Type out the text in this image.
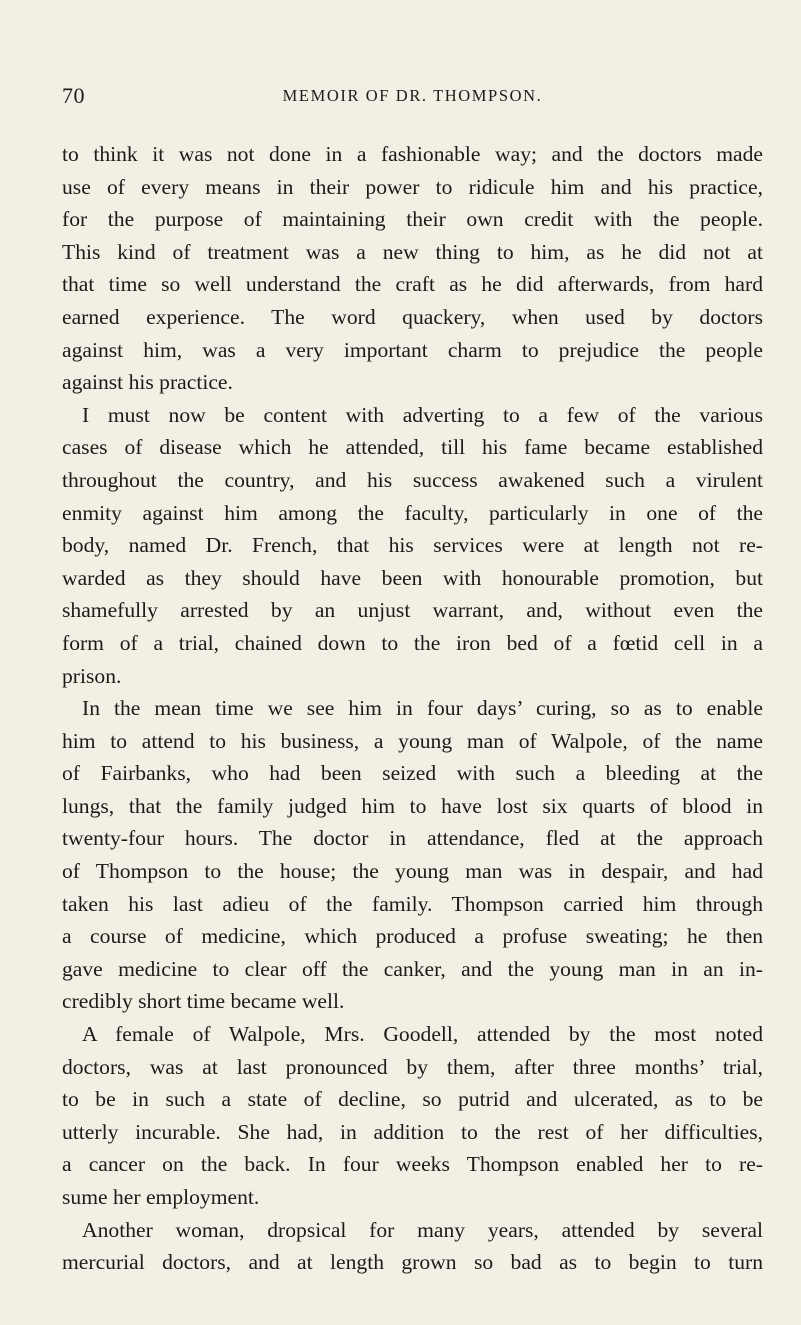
70	MEMOIR OF DR. THOMPSON.
to think it was not done in a fashionable way; and the doctors made
use of every means in their power to ridicule him and his practice,
for the purpose of maintaining their own credit with the people.
This kind of treatment was a new thing to him, as he did not at
that time so well understand the craft as he did afterwards, from hard
earned experience. The word quackery, when used by doctors
against him, was a very important charm to prejudice the people
against his practice.
I must now be content with adverting to a few of the various
cases of disease which he attended, till his fame became established
throughout the country, and his success awakened such a virulent
enmity against him among the faculty, particularly in one of the
body, named Dr. French, that his services were at length not re-
warded as they should have been with honourable promotion, but
shamefully arrested by an unjust warrant, and, without even the
form of a trial, chained down to the iron bed of a fœtid cell in a
prison.
In the mean time we see him in four days’ curing, so as to enable
him to attend to his business, a young man of Walpole, of the name
of Fairbanks, who had been seized with such a bleeding at the
lungs, that the family judged him to have lost six quarts of blood in
twenty-four hours. The doctor in attendance, fled at the approach
of Thompson to the house; the young man was in despair, and had
taken his last adieu of the family. Thompson carried him through
a course of medicine, which produced a profuse sweating; he then
gave medicine to clear off the canker, and the young man in an in-
credibly short time became well.
A female of Walpole, Mrs. Goodell, attended by the most noted
doctors, was at last pronounced by them, after three months’ trial,
to be in such a state of decline, so putrid and ulcerated, as to be
utterly incurable. She had, in addition to the rest of her difficulties,
a cancer on the back. In four weeks Thompson enabled her to re-
sume her employment.
Another woman, dropsical for many years, attended by several
mercurial doctors, and at length grown so bad as to begin to turn
